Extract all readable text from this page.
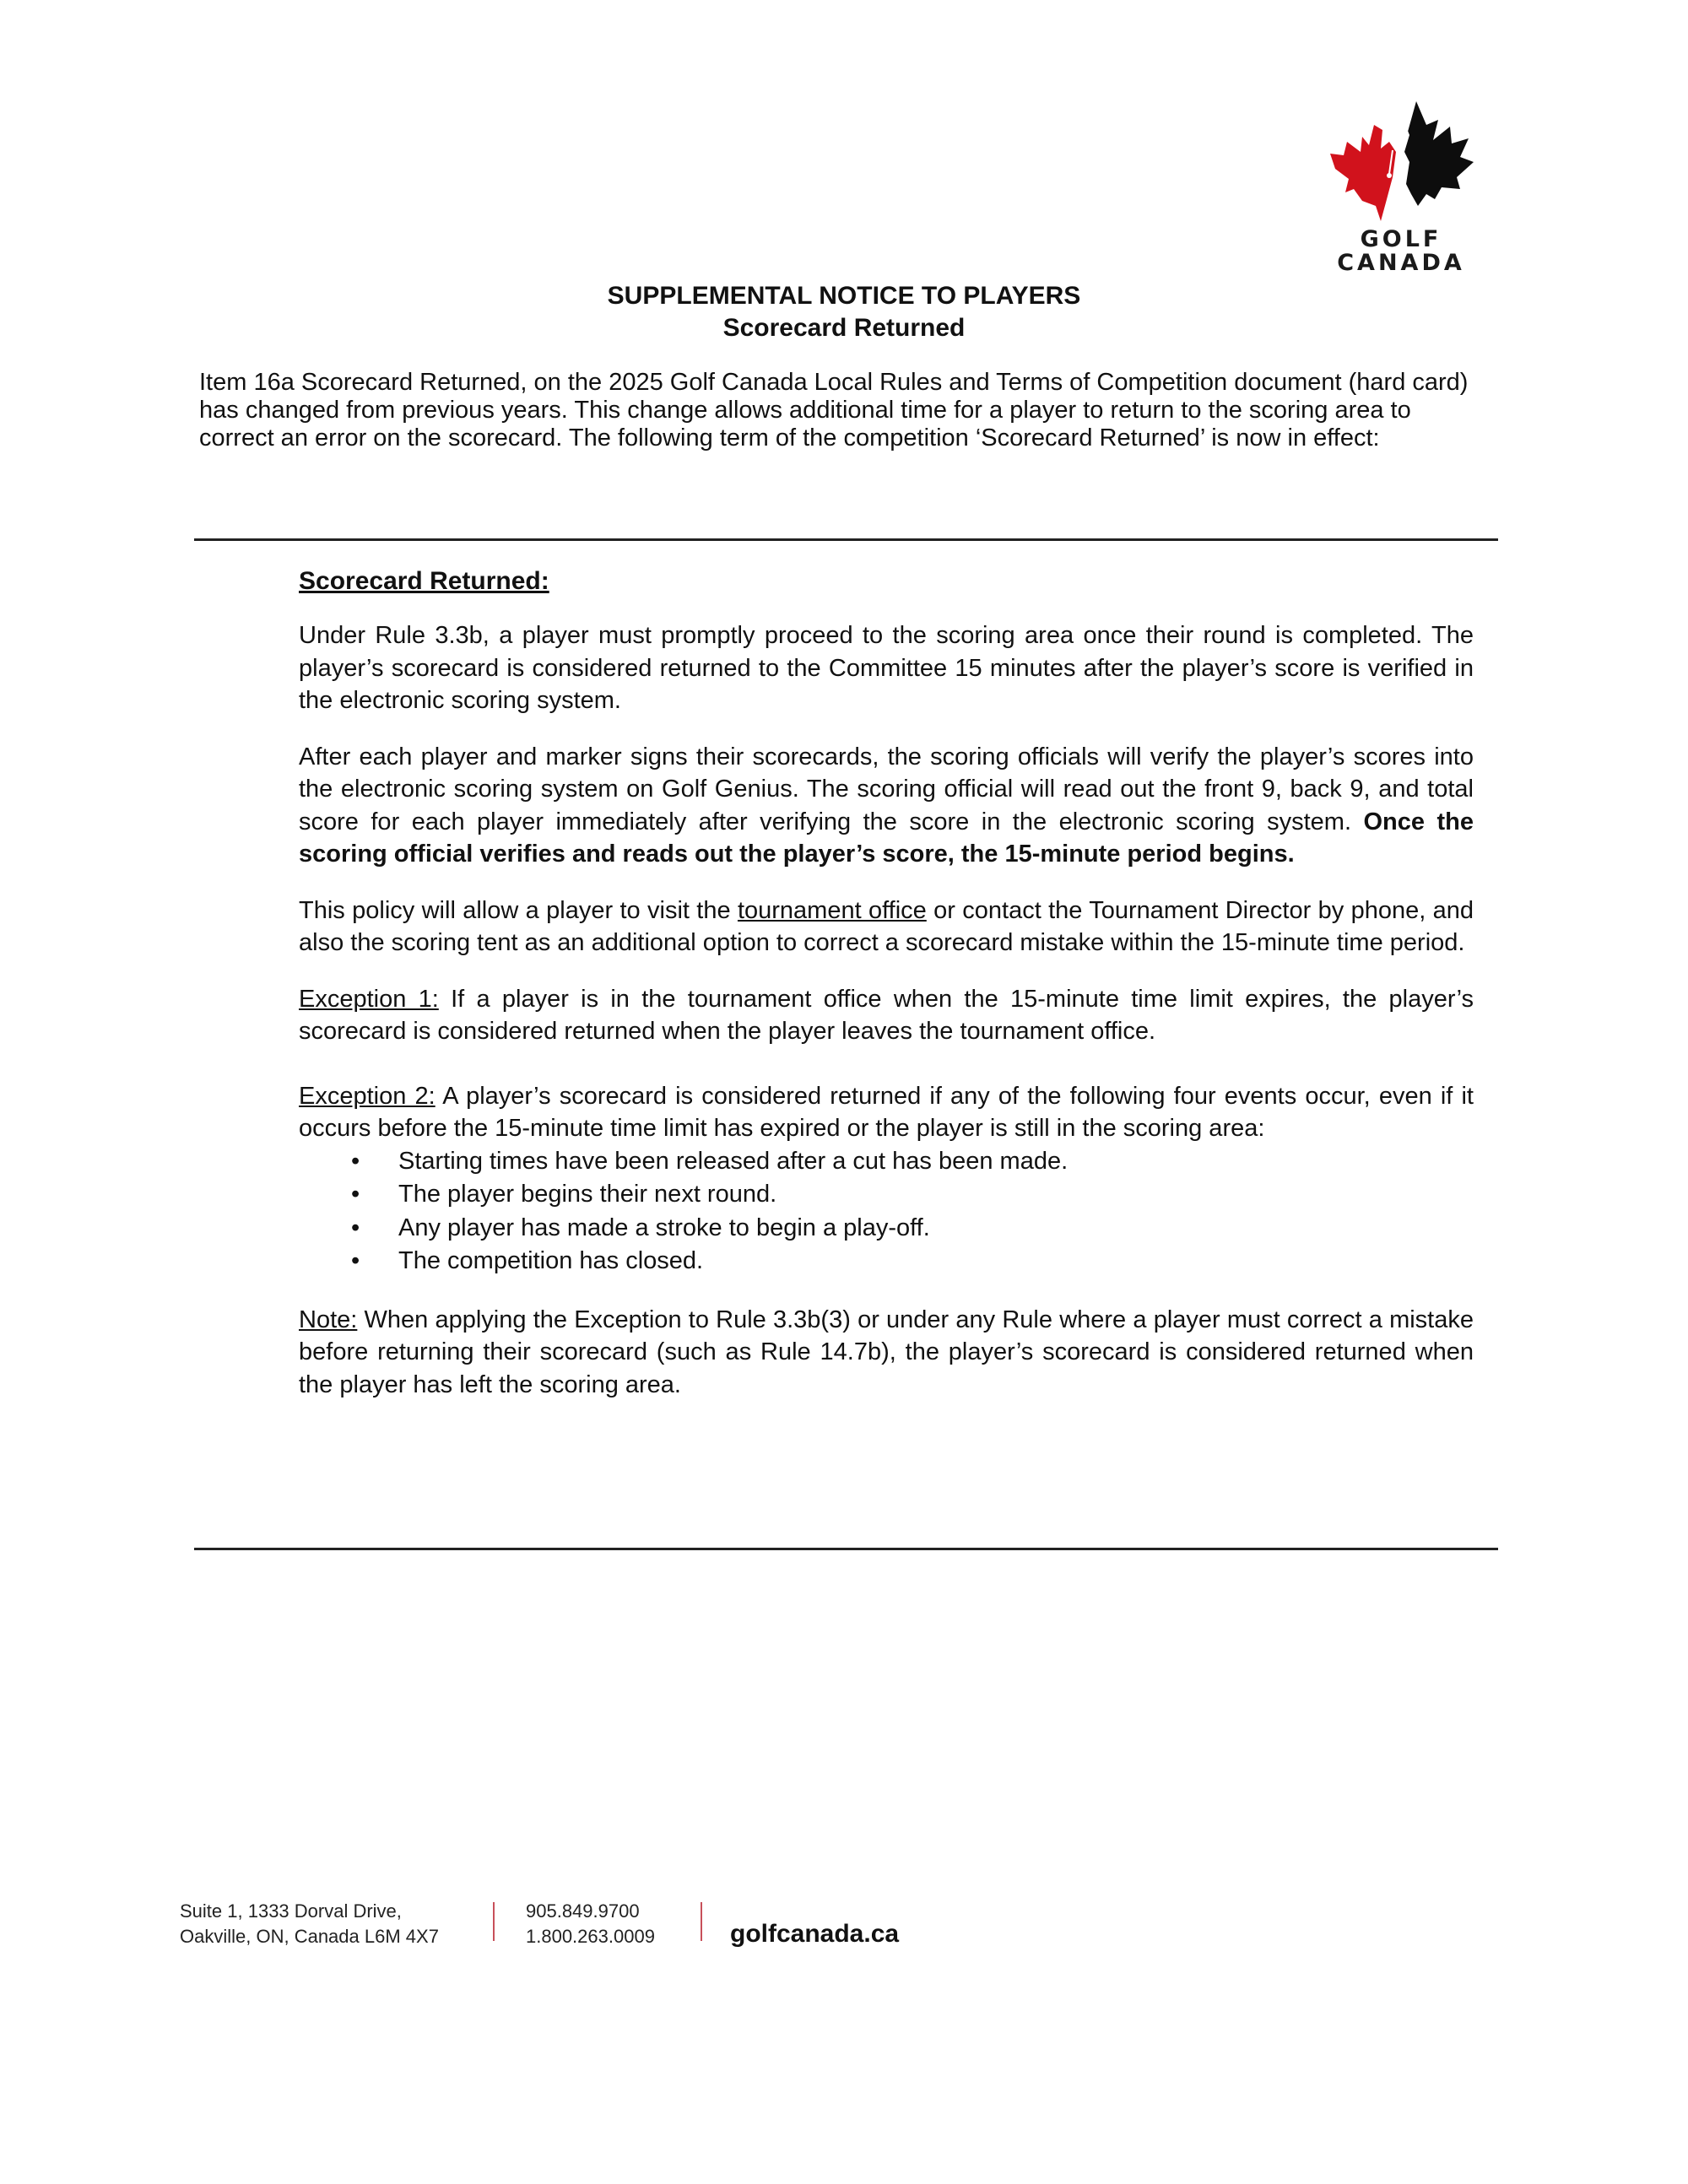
GOLF
CANADA
SUPPLEMENTAL NOTICE TO PLAYERS
Scorecard Returned
Item 16a Scorecard Returned, on the 2025 Golf Canada Local Rules and Terms of Competition document (hard card) has changed from previous years. This change allows additional time for a player to return to the scoring area to correct an error on the scorecard. The following term of the competition ‘Scorecard Returned’ is now in effect:
Scorecard Returned:

Under Rule 3.3b, a player must promptly proceed to the scoring area once their round is completed. The player’s scorecard is considered returned to the Committee 15 minutes after the player’s score is verified in the electronic scoring system.

After each player and marker signs their scorecards, the scoring officials will verify the player’s scores into the electronic scoring system on Golf Genius. The scoring official will read out the front 9, back 9, and total score for each player immediately after verifying the score in the electronic scoring system. Once the scoring official verifies and reads out the player’s score, the 15-minute period begins.

This policy will allow a player to visit the tournament office or contact the Tournament Director by phone, and also the scoring tent as an additional option to correct a scorecard mistake within the 15-minute time period.

Exception 1: If a player is in the tournament office when the 15-minute time limit expires, the player’s scorecard is considered returned when the player leaves the tournament office.

Exception 2: A player’s scorecard is considered returned if any of the following four events occur, even if it occurs before the 15-minute time limit has expired or the player is still in the scoring area:

• Starting times have been released after a cut has been made.
• The player begins their next round.
• Any player has made a stroke to begin a play-off.
• The competition has closed.

Note: When applying the Exception to Rule 3.3b(3) or under any Rule where a player must correct a mistake before returning their scorecard (such as Rule 14.7b), the player’s scorecard is considered returned when the player has left the scoring area.

Suite 1, 1333 Dorval Drive,
Oakville, ON, Canada L6M 4X7
905.849.9700
1.800.263.0009	golfcanada.ca
